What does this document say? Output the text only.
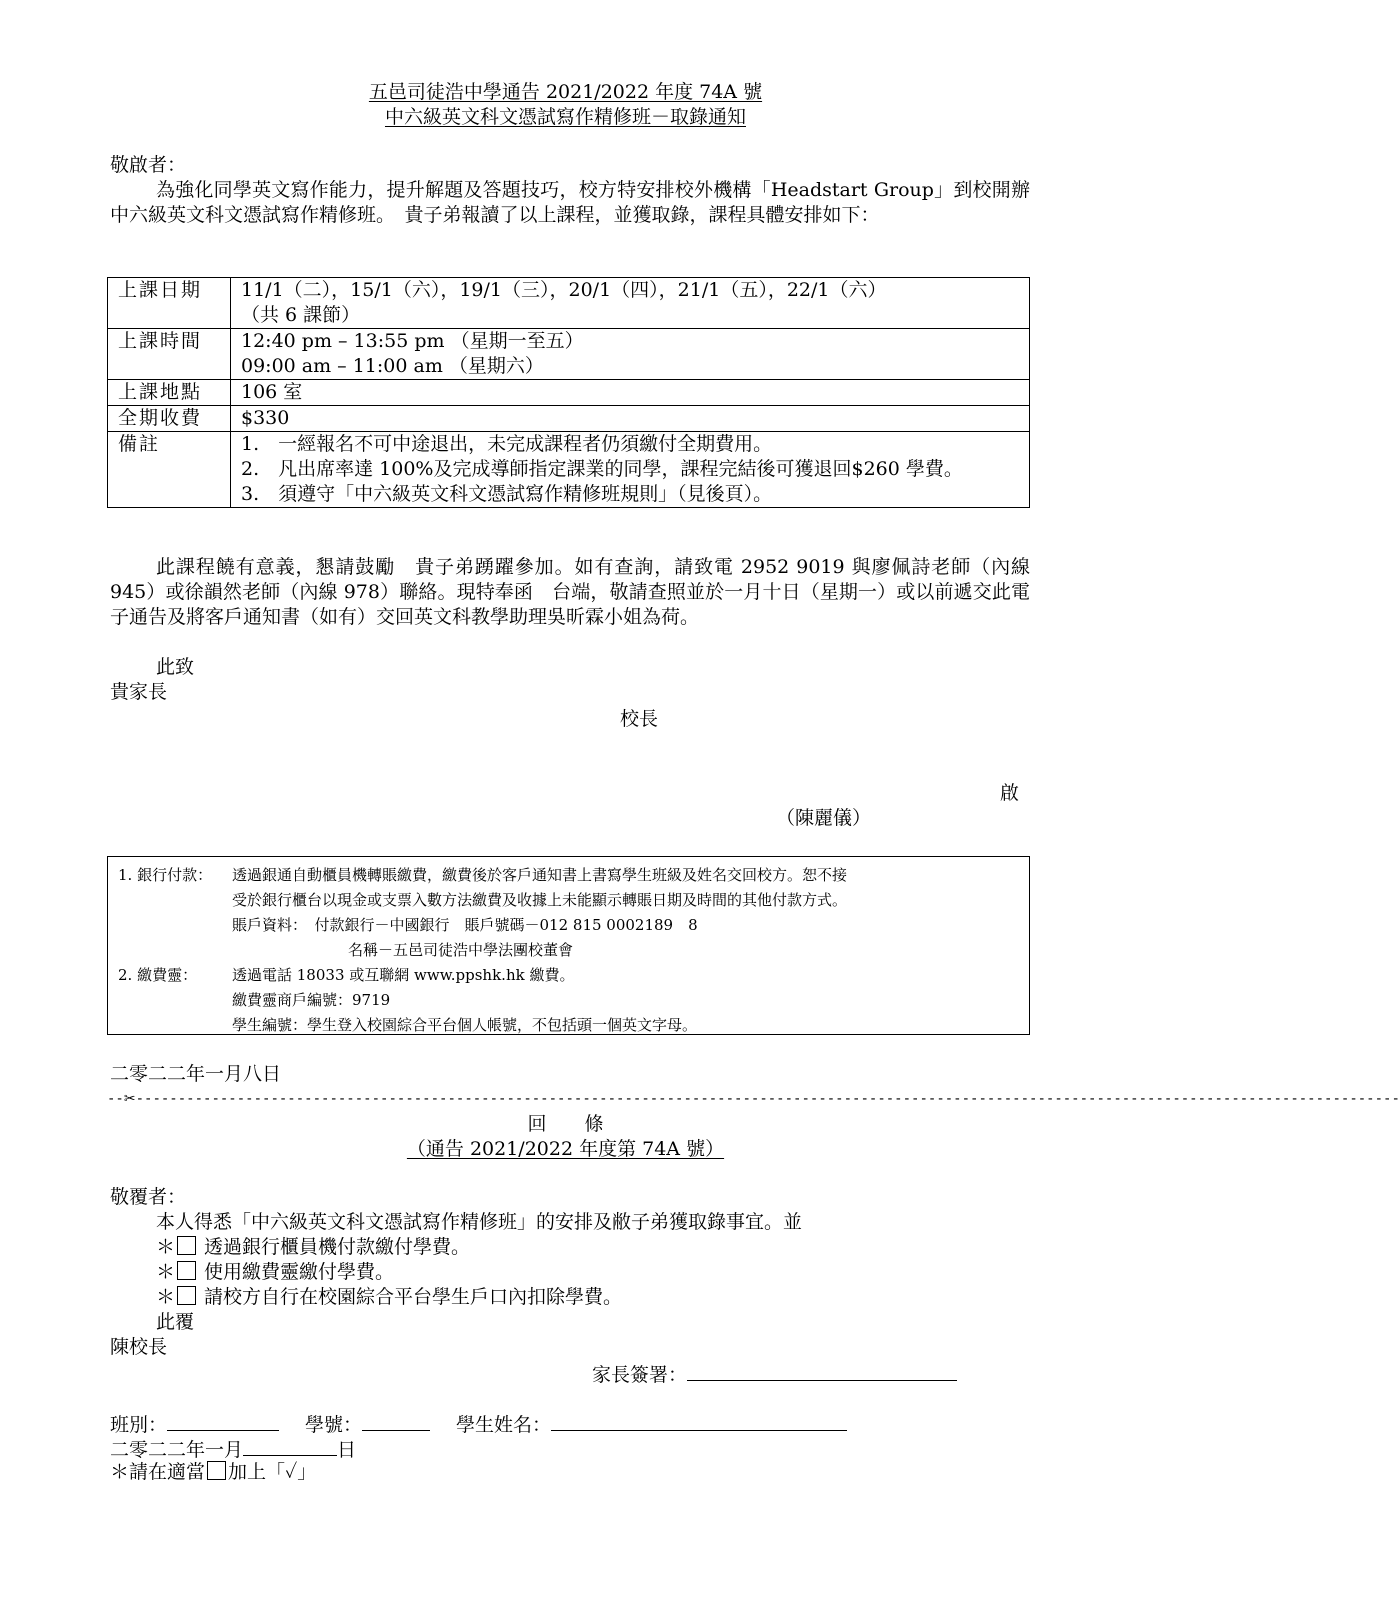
五邑司徒浩中學通告 2021/2022 年度 74A 號
中六級英文科文憑試寫作精修班－取錄通知
敬啟者：
為強化同學英文寫作能力，提升解題及答題技巧，校方特安排校外機構「Headstart Group」到校開辦中六級英文科文憑試寫作精修班。　貴子弟報讀了以上課程，並獲取錄，課程具體安排如下：
上課日期	11/1（二），15/1（六），19/1（三），20/1（四），21/1（五），22/1（六）
（共 6 課節）

上課時間	12:40 pm – 13:55 pm （星期一至五）
09:00 am – 11:00 am （星期六）

上課地點	106 室
全期收費	$330
備註	1.　一經報名不可中途退出，未完成課程者仍須繳付全期費用。
2.　凡出席率達 100%及完成導師指定課業的同學，課程完結後可獲退回$260 學費。
3.　須遵守「中六級英文科文憑試寫作精修班規則」（見後頁）。
此課程饒有意義，懇請鼓勵　貴子弟踴躍參加。如有查詢，請致電 2952 9019 與廖佩詩老師（內線 945）或徐韻然老師（內線 978）聯絡。現特奉函　台端，敬請查照並於一月十日（星期一）或以前遞交此電子通告及將客戶通知書（如有）交回英文科教學助理吳昕霖小姐為荷。
此致
貴家長
校長
啟
（陳麗儀）
1. 銀行付款： 透過銀通自動櫃員機轉賬繳費，繳費後於客戶通知書上書寫學生班級及姓名交回校方。恕不接
受於銀行櫃台以現金或支票入數方法繳費及收據上未能顯示轉賬日期及時間的其他付款方式。
賬戶資料：　付款銀行－中國銀行　賬戶號碼－012 815 0002189　8
名稱－五邑司徒浩中學法團校董會
2. 繳費靈： 透過電話 18033 或互聯網 www.ppshk.hk 繳費。
繳費靈商戶編號：9719
學生編號：學生登入校園綜合平台個人帳號，不包括頭一個英文字母。
二零二二年一月八日
--✂------------------------------------------------------------------------------------------------------------------------------------------------------
回　　條
（通告 2021/2022 年度第 74A 號）
敬覆者：
本人得悉「中六級英文科文憑試寫作精修班」的安排及敝子弟獲取錄事宜。並
＊ 透過銀行櫃員機付款繳付學費。
＊ 使用繳費靈繳付學費。
＊ 請校方自行在校園綜合平台學生戶口內扣除學費。
此覆
陳校長
家長簽署：
班別：	學號：	學生姓名：
二零二二年一月	日
＊請在適當 加上「✓」
